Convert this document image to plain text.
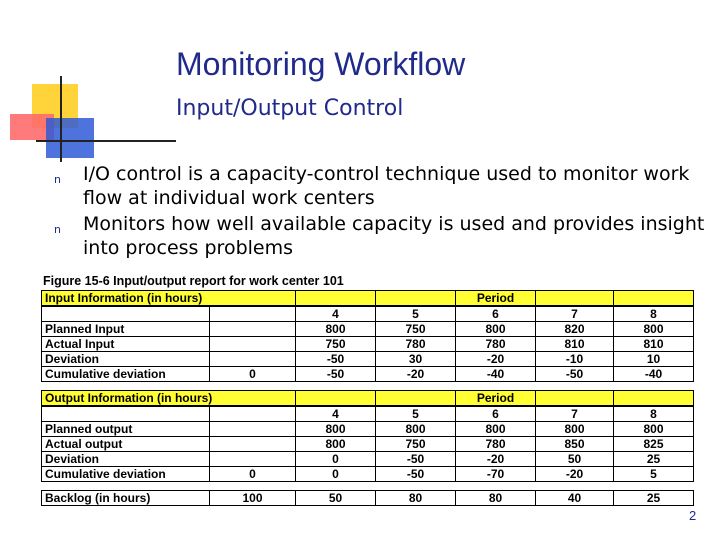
Monitoring Workflow
Input/Output Control
n	I/O control is a capacity-control technique used to monitor work flow at individual work centers
n	Monitors how well available capacity is used and provides insight into process problems
Figure 15-6 Input/output report for work center 101
Input Information (in hours)				Period		
		4	5	6	7	8
Planned Input		800	750	800	820	800
Actual Input		750	780	780	810	810
Deviation		-50	30	-20	-10	10
Cumulative deviation	0	-50	-20	-40	-50	-40

Output Information (in hours)				Period		
		4	5	6	7	8
Planned output		800	800	800	800	800
Actual output		800	750	780	850	825
Deviation		0	-50	-20	50	25
Cumulative deviation	0	0	-50	-70	-20	5

Backlog (in hours)	100	50	80	80	40	25
2
